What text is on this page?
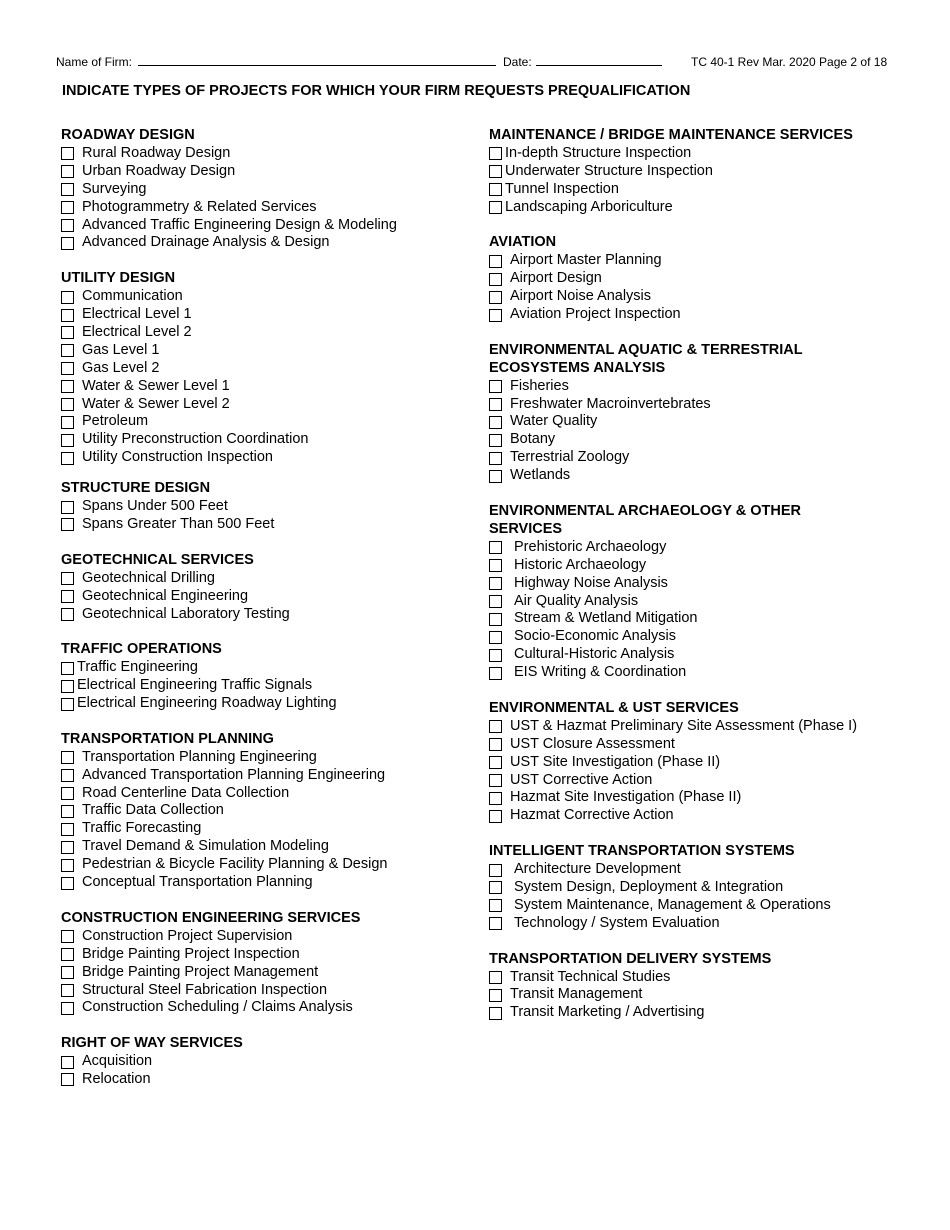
Name of Firm:	Date:	TC 40-1 Rev Mar. 2020 Page 2 of 18
INDICATE TYPES OF PROJECTS FOR WHICH YOUR FIRM REQUESTS PREQUALIFICATION
ROADWAY DESIGN
Rural Roadway Design
Urban Roadway Design
Surveying
Photogrammetry & Related Services
Advanced Traffic Engineering Design & Modeling
Advanced Drainage Analysis & Design
UTILITY DESIGN
Communication
Electrical Level 1
Electrical Level 2
Gas Level 1
Gas Level 2
Water & Sewer Level 1
Water & Sewer Level 2
Petroleum
Utility Preconstruction Coordination
Utility Construction Inspection
STRUCTURE DESIGN
Spans Under 500 Feet
Spans Greater Than 500 Feet
GEOTECHNICAL SERVICES
Geotechnical Drilling
Geotechnical Engineering
Geotechnical Laboratory Testing
TRAFFIC OPERATIONS
Traffic Engineering
Electrical Engineering Traffic Signals
Electrical Engineering Roadway Lighting
TRANSPORTATION PLANNING
Transportation Planning Engineering
Advanced Transportation Planning Engineering
Road Centerline Data Collection
Traffic Data Collection
Traffic Forecasting
Travel Demand & Simulation Modeling
Pedestrian & Bicycle Facility Planning & Design
Conceptual Transportation Planning
CONSTRUCTION ENGINEERING SERVICES
Construction Project Supervision
Bridge Painting Project Inspection
Bridge Painting Project Management
Structural Steel Fabrication Inspection
Construction Scheduling / Claims Analysis
RIGHT OF WAY SERVICES
Acquisition
Relocation
MAINTENANCE / BRIDGE MAINTENANCE SERVICES
In-depth Structure Inspection
Underwater Structure Inspection
Tunnel Inspection
Landscaping Arboriculture
AVIATION
Airport Master Planning
Airport Design
Airport Noise Analysis
Aviation Project Inspection
ENVIRONMENTAL AQUATIC & TERRESTRIAL ECOSYSTEMS ANALYSIS
Fisheries
Freshwater Macroinvertebrates
Water Quality
Botany
Terrestrial Zoology
Wetlands
ENVIRONMENTAL ARCHAEOLOGY & OTHER SERVICES
Prehistoric Archaeology
Historic Archaeology
Highway Noise Analysis
Air Quality Analysis
Stream & Wetland Mitigation
Socio-Economic Analysis
Cultural-Historic Analysis
EIS Writing & Coordination
ENVIRONMENTAL & UST SERVICES
UST & Hazmat Preliminary Site Assessment (Phase I)
UST Closure Assessment
UST Site Investigation (Phase II)
UST Corrective Action
Hazmat Site Investigation (Phase II)
Hazmat Corrective Action
INTELLIGENT TRANSPORTATION SYSTEMS
Architecture Development
System Design, Deployment & Integration
System Maintenance, Management & Operations
Technology / System Evaluation
TRANSPORTATION DELIVERY SYSTEMS
Transit Technical Studies
Transit Management
Transit Marketing / Advertising
